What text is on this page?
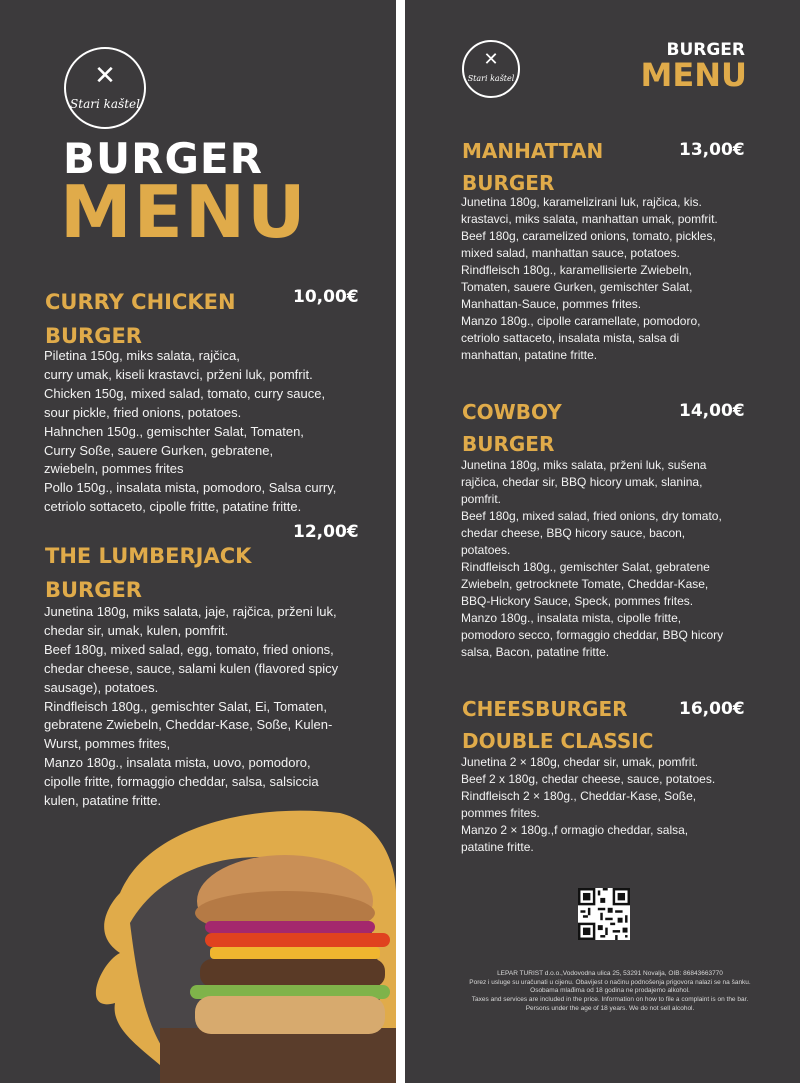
✕
Stari kaštel
BURGER
MENU
CURRY CHICKEN
BURGER
10,00€

Piletina 150g, miks salata, rajčica,

curry umak, kiseli krastavci, prženi luk, pomfrit.

Chicken 150g, mixed salad, tomato, curry sauce,

sour pickle, fried onions, potatoes.

Hahnchen 150g., gemischter Salat, Tomaten,

Curry Soße, sauere Gurken, gebratene,

zwiebeln, pommes frites

Pollo 150g., insalata mista, pomodoro, Salsa curry,

cetriolo sottaceto, cipolle fritte, patatine fritte.

12,00€
THE LUMBERJACK
BURGER

Junetina 180g, miks salata, jaje, rajčica, prženi luk,

chedar sir, umak, kulen, pomfrit.

Beef 180g, mixed salad, egg, tomato, fried onions,

chedar cheese, sauce, salami kulen (flavored spicy

sausage), potatoes.

Rindfleisch 180g., gemischter Salat, Ei, Tomaten,

gebratene Zwiebeln, Cheddar-Kase, Soße, Kulen-

Wurst, pommes frites,

Manzo 180g., insalata mista, uovo, pomodoro,

cipolle fritte, formaggio cheddar, salsa, salsiccia

kulen, patatine fritte.

✕
Stari kaštel
BURGER
MENU
MANHATTAN
BURGER
13,00€

Junetina 180g, karamelizirani luk, rajčica, kis.

krastavci, miks salata, manhattan umak, pomfrit.

Beef 180g, caramelized onions, tomato, pickles,

mixed salad, manhattan sauce, potatoes.

Rindfleisch 180g., karamellisierte Zwiebeln,

Tomaten, sauere Gurken, gemischter Salat,

Manhattan-Sauce, pommes frites.

Manzo 180g., cipolle caramellate, pomodoro,

cetriolo sattaceto, insalata mista, salsa di

manhattan, patatine fritte.

COWBOY
BURGER
14,00€

Junetina 180g, miks salata, prženi luk, sušena

rajčica, chedar sir, BBQ hicory umak, slanina,

pomfrit.

Beef 180g, mixed salad, fried onions, dry tomato,

chedar cheese, BBQ hicory sauce, bacon,

potatoes.

Rindfleisch 180g., gemischter Salat, gebratene

Zwiebeln, getrocknete Tomate, Cheddar-Kase,

BBQ-Hickory Sauce, Speck, pommes frites.

Manzo 180g., insalata mista, cipolle fritte,

pomodoro secco, formaggio cheddar, BBQ hicory

salsa, Bacon, patatine fritte.

CHEESBURGER
DOUBLE CLASSIC
16,00€

Junetina 2 × 180g, chedar sir, umak, pomfrit.

Beef 2 x 180g, chedar cheese, sauce, potatoes.

Rindfleisch 2 × 180g., Cheddar-Kase, Soße,

pommes frites.

Manzo 2 × 180g.,f ormagio cheddar, salsa,

patatine fritte.

LEPAR TURIST d.o.o.,Vodovodna ulica 25, 53291 Novalja, OIB: 86843663770

Porez i usluge su uračunati u cijenu. Obavijest o načinu podnošenja prigovora nalazi se na šanku.

Osobama mlađima od 18 godina ne prodajemo alkohol.

Taxes and services are included in the price. Information on how to file a complaint is on the bar.

Persons under the age of 18 years. We do not sell alcohol.
